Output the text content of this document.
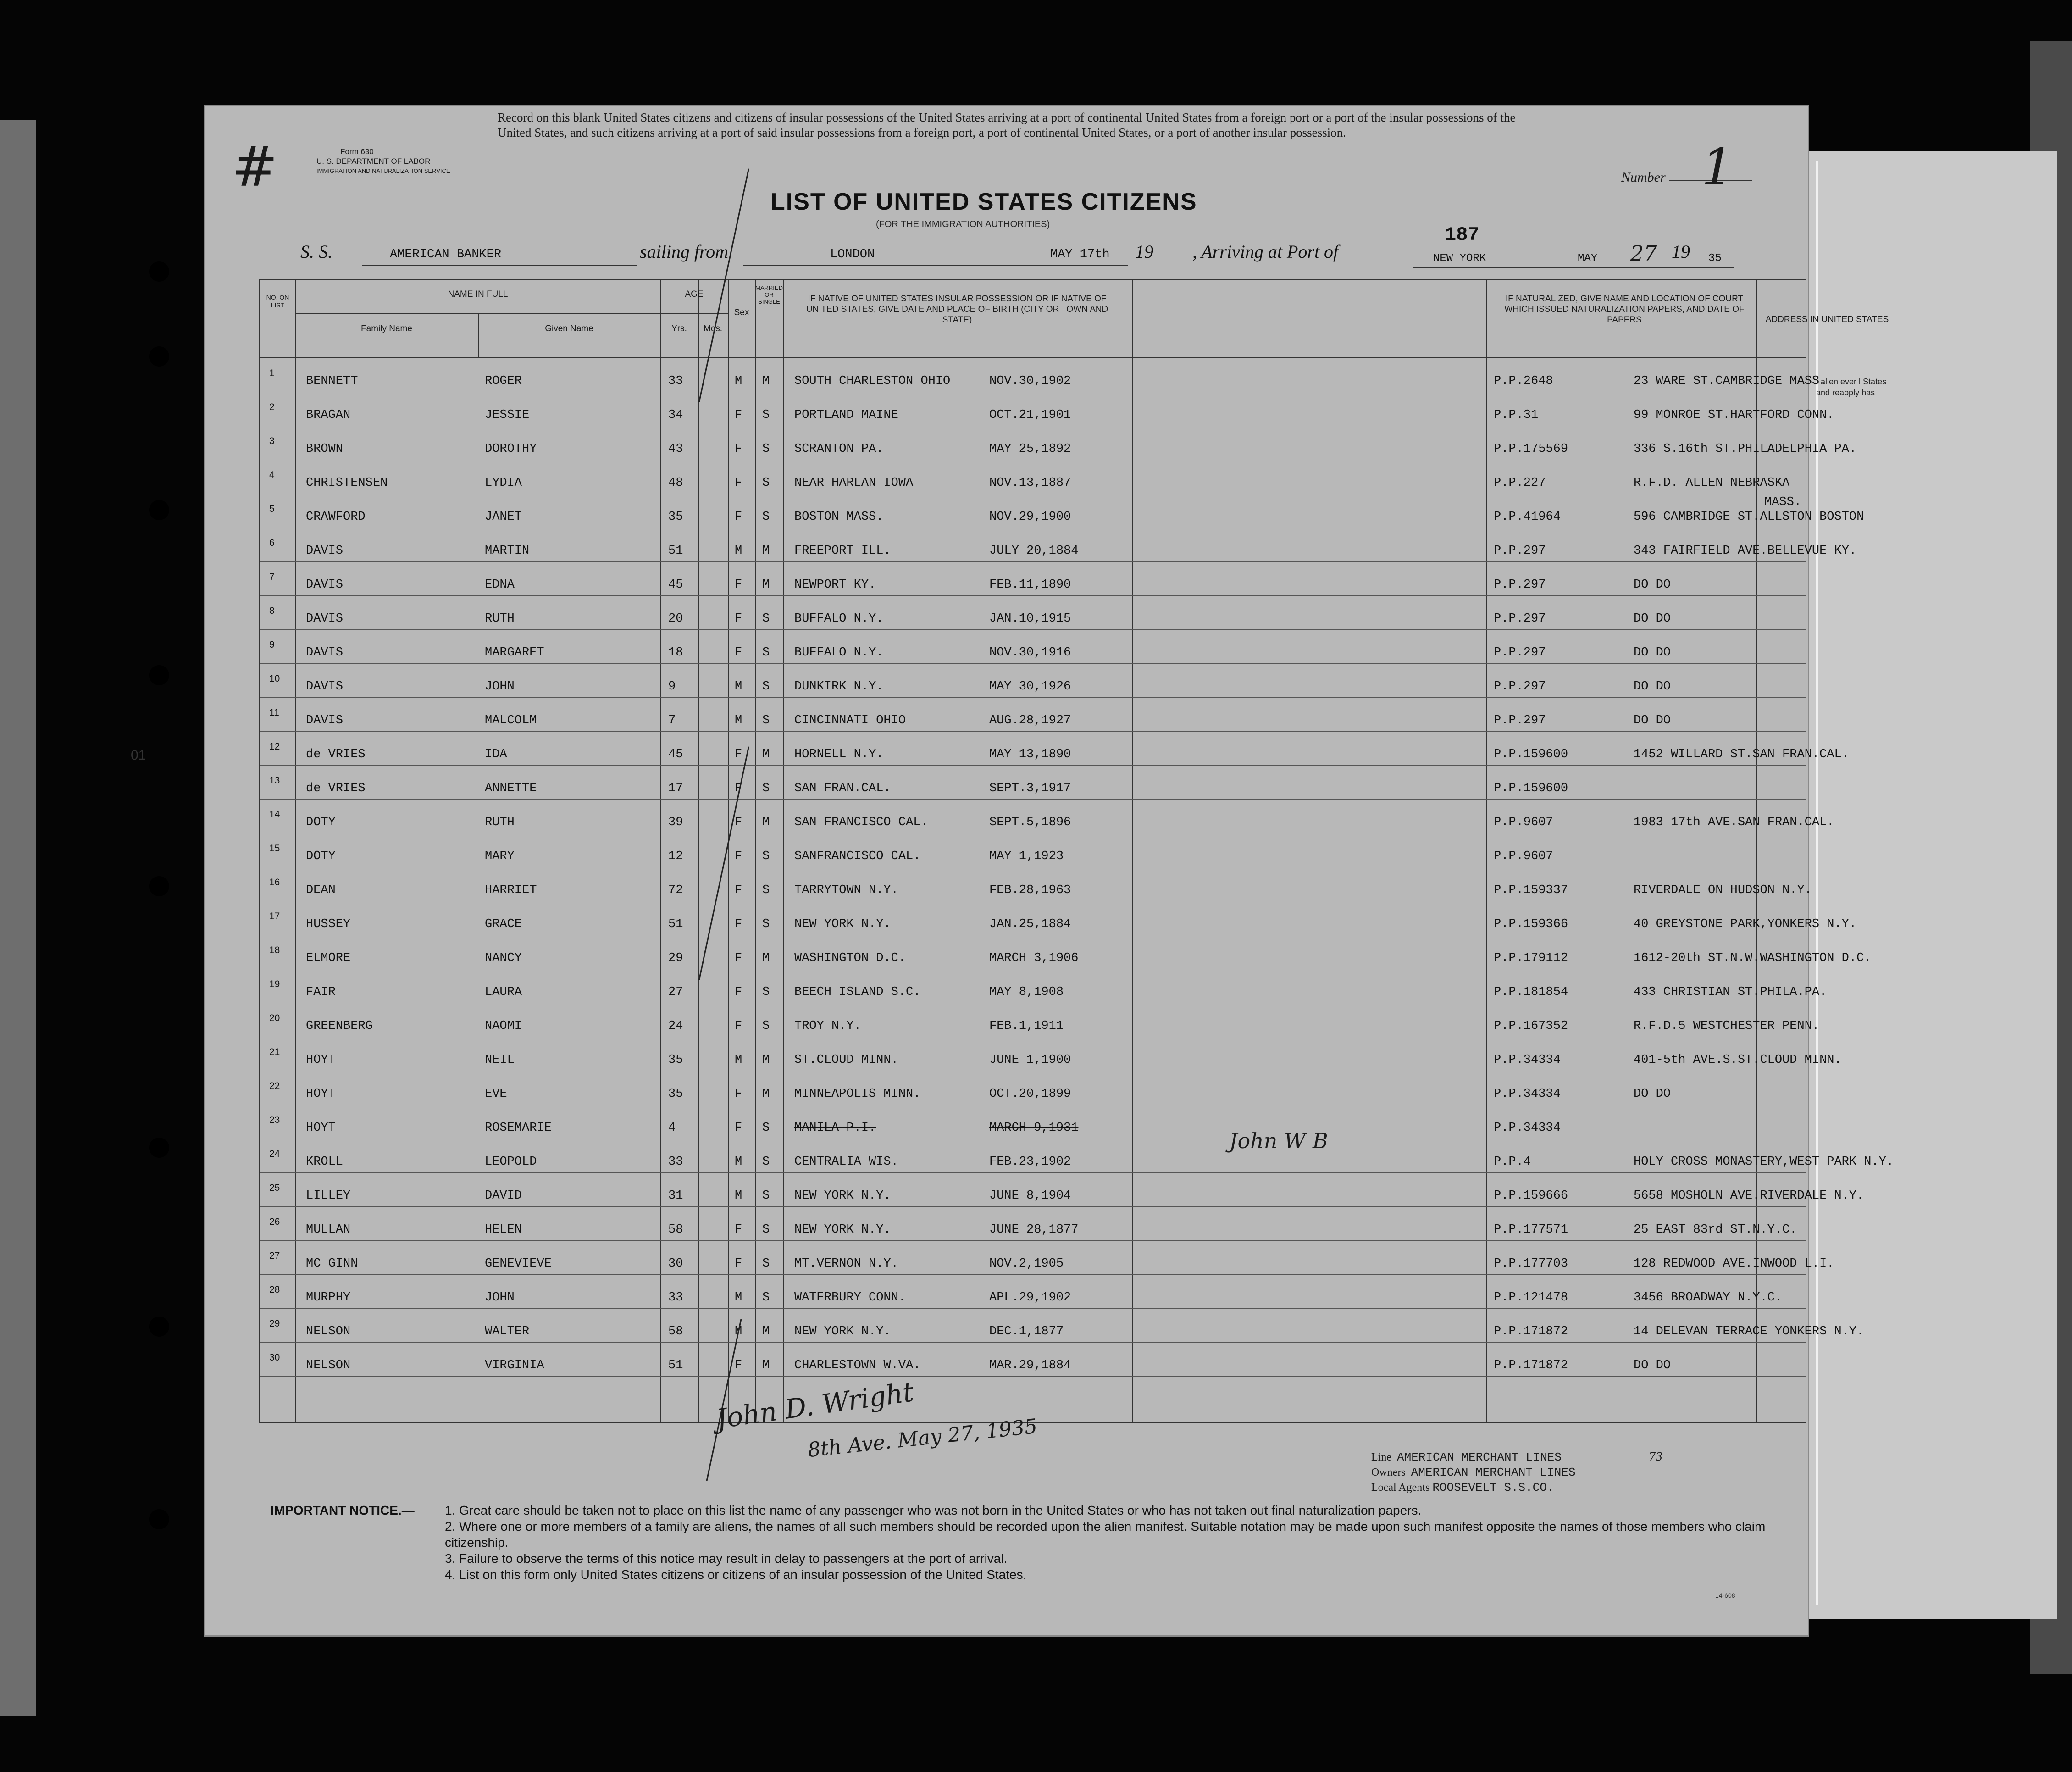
f alien ever l States and reapply has
01
#	Form 630
U. S. DEPARTMENT OF LABOR
IMMIGRATION AND NATURALIZATION SERVICE
Record on this blank United States citizens and citizens of insular possessions of the United States arriving at a port of continental United States from a foreign port or a port of the insular possessions of the United States, and such citizens arriving at a port of said insular possessions from a foreign port, a port of continental United States, or a port of another insular possession.
Number 1
LIST OF UNITED STATES CITIZENS
(FOR THE IMMIGRATION AUTHORITIES)
S. S.	AMERICAN BANKER	sailing from	LONDON	MAY 17th 19 , Arriving at Port of
187
NEW YORK	MAY 27 19 35
NO. ON LIST
NAME IN FULL
Family Name	Given Name
AGE
Yrs.	Mos.
Sex
MARRIED OR SINGLE	IF NATIVE OF UNITED STATES INSULAR POSSESSION OR IF NATIVE OF UNITED STATES, GIVE DATE AND PLACE OF BIRTH (CITY OR TOWN AND STATE)
IF NATURALIZED, GIVE NAME AND LOCATION OF COURT WHICH ISSUED NATURALIZATION PAPERS, AND DATE OF PAPERS	ADDRESS IN UNITED STATES
1
BENNETT	ROGER	33	M M SOUTH CHARLESTON OHIO	NOV.30,1902	P.P.2648	23 WARE ST.CAMBRIDGE MASS.
2
BRAGAN	JESSIE	34	F S PORTLAND MAINE	OCT.21,1901	P.P.31	99 MONROE ST.HARTFORD CONN.
3
BROWN	DOROTHY	43	F S SCRANTON PA.	MAY 25,1892	P.P.175569	336 S.16th ST.PHILADELPHIA PA.
4
CHRISTENSEN	LYDIA	48	F S NEAR HARLAN IOWA	NOV.13,1887	P.P.227	R.F.D. ALLEN NEBRASKA
5
CRAWFORD	JANET	35	F S BOSTON MASS.	NOV.29,1900	P.P.41964	596 CAMBRIDGE ST.ALLSTON BOSTON
MASS.
6
DAVIS	MARTIN	51	M M FREEPORT ILL.	JULY 20,1884	P.P.297	343 FAIRFIELD AVE.BELLEVUE KY.
7
DAVIS	EDNA	45	F M NEWPORT KY.	FEB.11,1890	P.P.297	DO DO
8
DAVIS	RUTH	20	F S BUFFALO N.Y.	JAN.10,1915	P.P.297	DO DO
9
DAVIS	MARGARET	18	F S BUFFALO N.Y.	NOV.30,1916	P.P.297	DO DO
10
DAVIS	JOHN	9	M S DUNKIRK N.Y.	MAY 30,1926	P.P.297	DO DO
11
DAVIS	MALCOLM	7	M S CINCINNATI OHIO	AUG.28,1927	P.P.297	DO DO
12
de VRIES	IDA	45	F M HORNELL N.Y.	MAY 13,1890	P.P.159600	1452 WILLARD ST.SAN FRAN.CAL.
13
de VRIES	ANNETTE	17	F S SAN FRAN.CAL.	SEPT.3,1917	P.P.159600
14
DOTY	RUTH	39	F M SAN FRANCISCO CAL.	SEPT.5,1896	P.P.9607	1983 17th AVE.SAN FRAN.CAL.
15
DOTY	MARY	12	F S SANFRANCISCO CAL.	MAY 1,1923	P.P.9607
16
DEAN	HARRIET	72	F S TARRYTOWN N.Y.	FEB.28,1963	P.P.159337	RIVERDALE ON HUDSON N.Y.
17
HUSSEY	GRACE	51	F S NEW YORK N.Y.	JAN.25,1884	P.P.159366	40 GREYSTONE PARK,YONKERS N.Y.
18
ELMORE	NANCY	29	F M WASHINGTON D.C.	MARCH 3,1906	P.P.179112	1612-20th ST.N.W.WASHINGTON D.C.
19
FAIR	LAURA	27	F S BEECH ISLAND S.C.	MAY 8,1908	P.P.181854	433 CHRISTIAN ST.PHILA.PA.
20
GREENBERG	NAOMI	24	F S TROY N.Y.	FEB.1,1911	P.P.167352	R.F.D.5 WESTCHESTER PENN.
21
HOYT	NEIL	35	M M ST.CLOUD MINN.	JUNE 1,1900	P.P.34334	401-5th AVE.S.ST.CLOUD MINN.
22
HOYT	EVE	35	F M MINNEAPOLIS MINN.	OCT.20,1899	P.P.34334	DO DO
23
HOYT	ROSEMARIE	4	F S MANILA P.I.	MARCH 9,1931	P.P.34334
24
KROLL	LEOPOLD	33	M S CENTRALIA WIS.	FEB.23,1902	P.P.4	HOLY CROSS MONASTERY,WEST PARK N.Y.
25
LILLEY	DAVID	31	M S NEW YORK N.Y.	JUNE 8,1904	P.P.159666	5658 MOSHOLN AVE.RIVERDALE N.Y.
26
MULLAN	HELEN	58	F S NEW YORK N.Y.	JUNE 28,1877	P.P.177571	25 EAST 83rd ST.N.Y.C.
27
MC GINN	GENEVIEVE	30	F S MT.VERNON N.Y.	NOV.2,1905	P.P.177703	128 REDWOOD AVE.INWOOD L.I.
28
MURPHY	JOHN	33	M S WATERBURY CONN.	APL.29,1902	P.P.121478	3456 BROADWAY N.Y.C.
29
NELSON	WALTER	58	M M NEW YORK N.Y.	DEC.1,1877	P.P.171872	14 DELEVAN TERRACE YONKERS N.Y.
30
NELSON	VIRGINIA	51	F M CHARLESTOWN W.VA.	MAR.29,1884	P.P.171872	DO DO
John W B
John D. Wright
8th Ave. May 27, 1935	Line AMERICAN MERCHANT LINES	73
Owners AMERICAN MERCHANT LINES
Local Agents ROOSEVELT S.S.CO.
IMPORTANT NOTICE.— 1. Great care should be taken not to place on this list the name of any passenger who was not born in the United States or who has not taken out final naturalization papers.
2. Where one or more members of a family are aliens, the names of all such members should be recorded upon the alien manifest. Suitable notation may be made upon such manifest opposite the names of those members who claim citizenship.
3. Failure to observe the terms of this notice may result in delay to passengers at the port of arrival.
4. List on this form only United States citizens or citizens of an insular possession of the United States.
14-608
